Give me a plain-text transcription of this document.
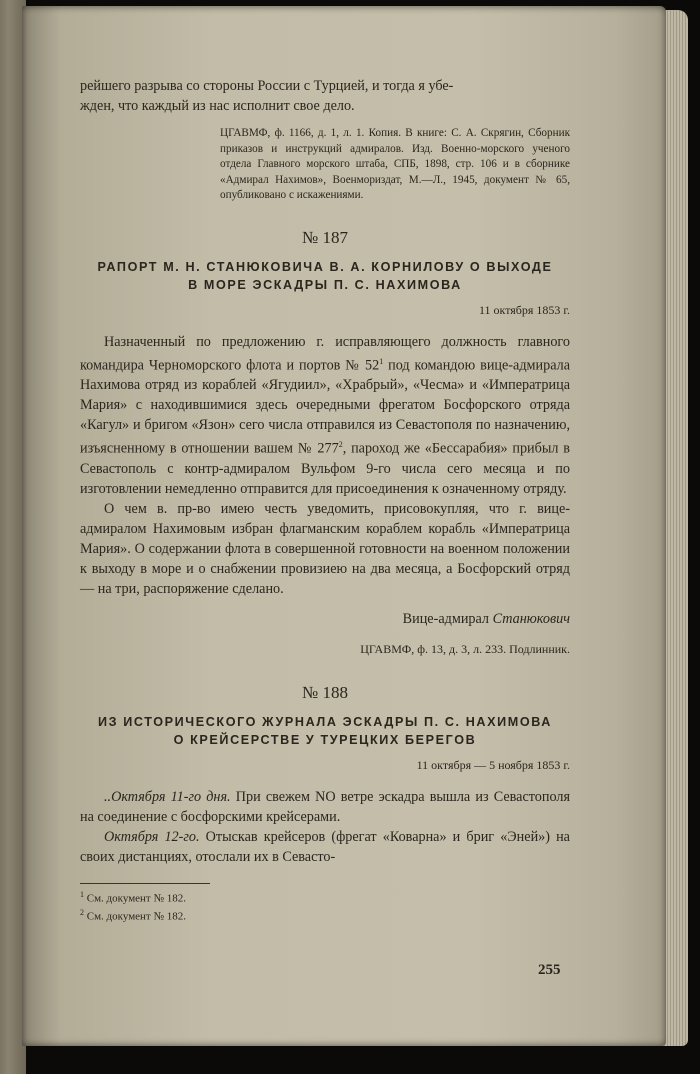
рейшего разрыва со стороны России с Турцией, и тогда я убе-

жден, что каждый из нас исполнит свое дело.

ЦГАВМФ, ф. 1166, д. 1, л. 1. Копия. В книге: С. А. Скрягин, Сборник приказов и инструкций адмиралов. Изд. Военно-морского ученого отдела Главного морского штаба, СПБ, 1898, стр. 106 и в сборнике «Адмирал Нахимов», Военмориздат, М.—Л., 1945, документ № 65, опубликовано с искажениями.

№ 187
РАПОРТ М. Н. СТАНЮКОВИЧА В. А. КОРНИЛОВУ О ВЫХОДЕ
В МОРЕ ЭСКАДРЫ П. С. НАХИМОВА
11 октября 1853 г.

Назначенный по предложению г. исправляющего должность главного командира Черноморского флота и портов № $52^1$ под командою вице-адмирала Нахимова отряд из кораблей «Ягудиил», «Храбрый», «Чесма» и «Императрица Мария» с находившимися здесь очередными фрегатом Босфорского отряда «Кагул» и бригом «Язон» сего числа отправился из Севастополя по назначению, изъясненному в отношении вашем № $277^2$, пароход же «Бессарабия» прибыл в Севастополь с контр-адмиралом Вульфом 9-го числа сего месяца и по изготовлении немедленно отправится для присоединения к означенному отряду.

О чем в. пр-во имею честь уведомить, присовокупляя, что г. вице-адмиралом Нахимовым избран флагманским кораблем корабль «Императрица Мария». О содержании флота в совершенной готовности на военном положении к выходу в море и о снабжении провизиею на два месяца, а Босфорский отряд — на три, распоряжение сделано.

Вице-адмирал Станюкович
ЦГАВМФ, ф. 13, д. 3, л. 233. Подлинник.
№ 188
ИЗ ИСТОРИЧЕСКОГО ЖУРНАЛА ЭСКАДРЫ П. С. НАХИМОВА
О КРЕЙСЕРСТВЕ У ТУРЕЦКИХ БЕРЕГОВ
11 октября — 5 ноября 1853 г.

..Октября 11-го дня. При свежем NO ветре эскадра вышла из Севастополя на соединение с босфорскими крейсерами.

Октября 12-го. Отыскав крейсеров (фрегат «Коварна» и бриг «Эней») на своих дистанциях, отослали их в Севасто-

$^1$ См. документ № 182.
$^2$ См. документ № 182.
255
